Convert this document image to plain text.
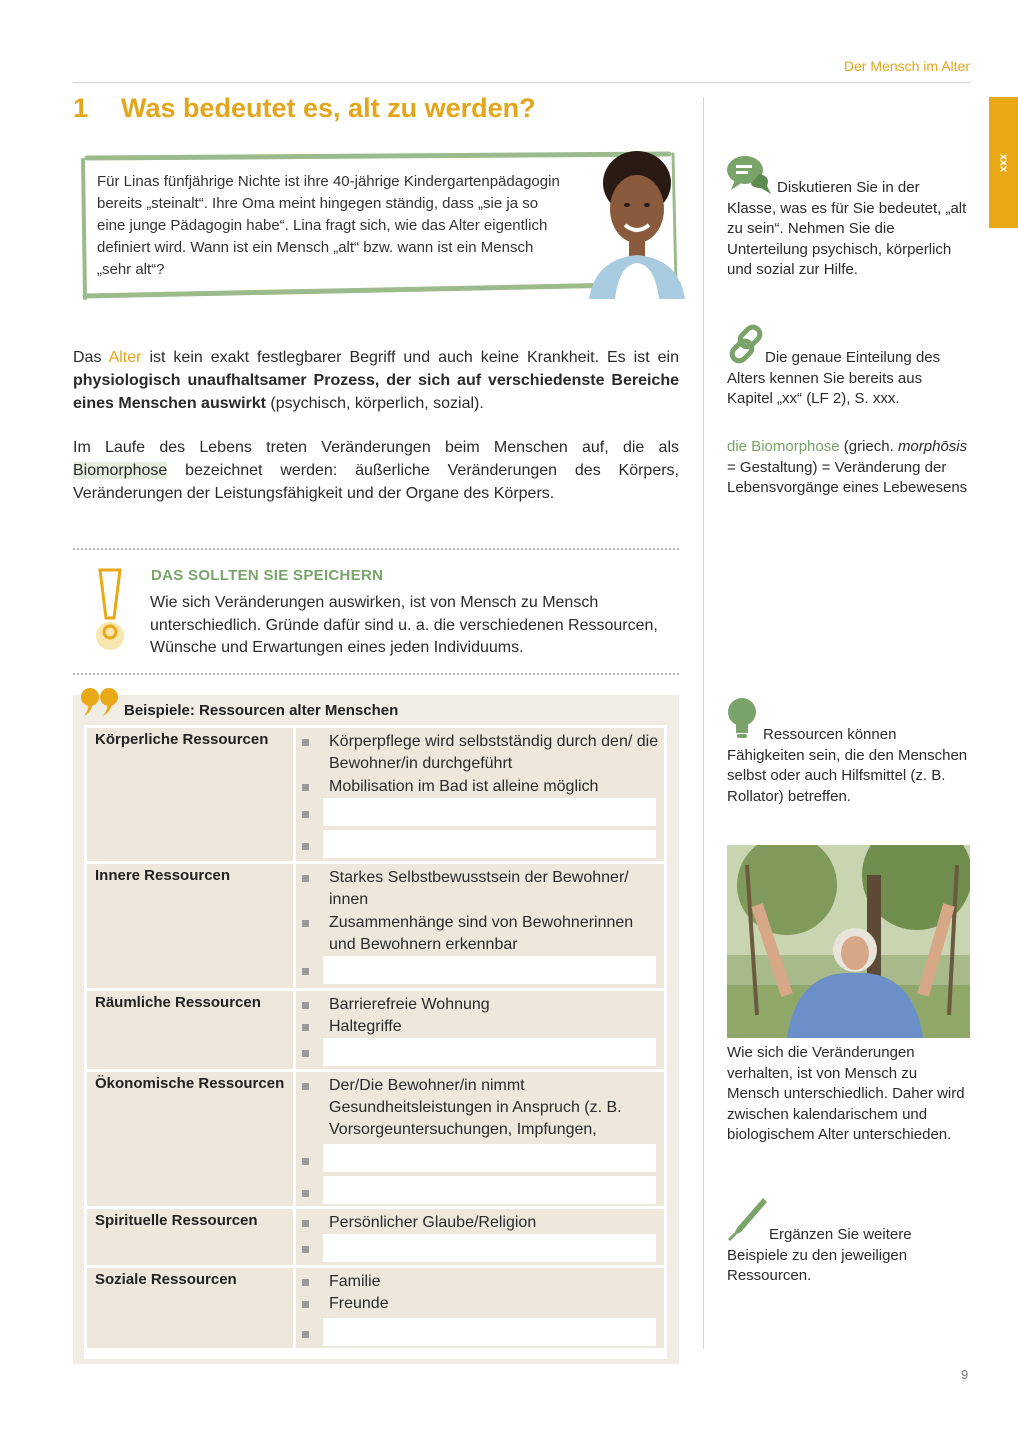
Der Mensch im Alter
xxx
1 Was bedeutet es, alt zu werden?
Für Linas fünfjährige Nichte ist ihre 40-jährige Kindergartenpädagogin
bereits „steinalt“. Ihre Oma meint hingegen ständig, dass „sie ja so
eine junge Pädagogin habe“. Lina fragt sich, wie das Alter eigentlich
definiert wird. Wann ist ein Mensch „alt“ bzw. wann ist ein Mensch
„sehr alt“?
Das Alter ist kein exakt festlegbarer Begriff und auch keine Krankheit. Es ist ein physiologisch unaufhaltsamer Prozess, der sich auf verschiedenste Bereiche eines Menschen auswirkt (psychisch, körperlich, sozial).
Im Laufe des Lebens treten Veränderungen beim Menschen auf, die als Biomorphose bezeichnet werden: äußerliche Veränderungen des Körpers, Veränderungen der Leistungsfähigkeit und der Organe des Körpers.
DAS SOLLTEN SIE SPEICHERN
Wie sich Veränderungen auswirken, ist von Mensch zu Mensch unterschiedlich. Gründe dafür sind u. a. die verschiedenen Ressourcen, Wünsche und Erwartungen eines jeden Individuums.
Beispiele: Ressourcen alter Menschen
Körperliche Ressourcen	Körperpflege wird selbstständig durch den/ die Bewohner/in durchgeführt
Mobilisation im Bad ist alleine möglich
Innere Ressourcen	Starkes Selbstbewusstsein der Bewohner/ innen
Zusammenhänge sind von Bewohnerinnen und Bewohnern erkennbar
Räumliche Ressourcen	Barrierefreie Wohnung
Haltegriffe
Ökonomische Ressourcen	Der/Die Bewohner/in nimmt Gesundheitsleistungen in Anspruch (z. B. Vorsorgeuntersuchungen, Impfungen,
Spirituelle Ressourcen	Persönlicher Glaube/Religion
Soziale Ressourcen	Familie
Freunde
Diskutieren Sie in der Klasse, was es für Sie bedeutet, „alt zu sein“. Nehmen Sie die Unterteilung psychisch, körperlich und sozial zur Hilfe.
Die genaue Einteilung des Alters kennen Sie bereits aus Kapitel „xx“ (LF 2), S. xxx.
die Biomorphose (griech. morphōsis = Gestaltung) = Veränderung der Lebensvorgänge eines Lebewesens
Ressourcen können Fähigkeiten sein, die den Menschen selbst oder auch Hilfsmittel (z. B. Rollator) betreffen.
Wie sich die Veränderungen verhalten, ist von Mensch zu Mensch unterschiedlich. Daher wird zwischen kalendarischem und biologischem Alter unterschieden.
Ergänzen Sie weitere Beispiele zu den jeweiligen Ressourcen.
9
